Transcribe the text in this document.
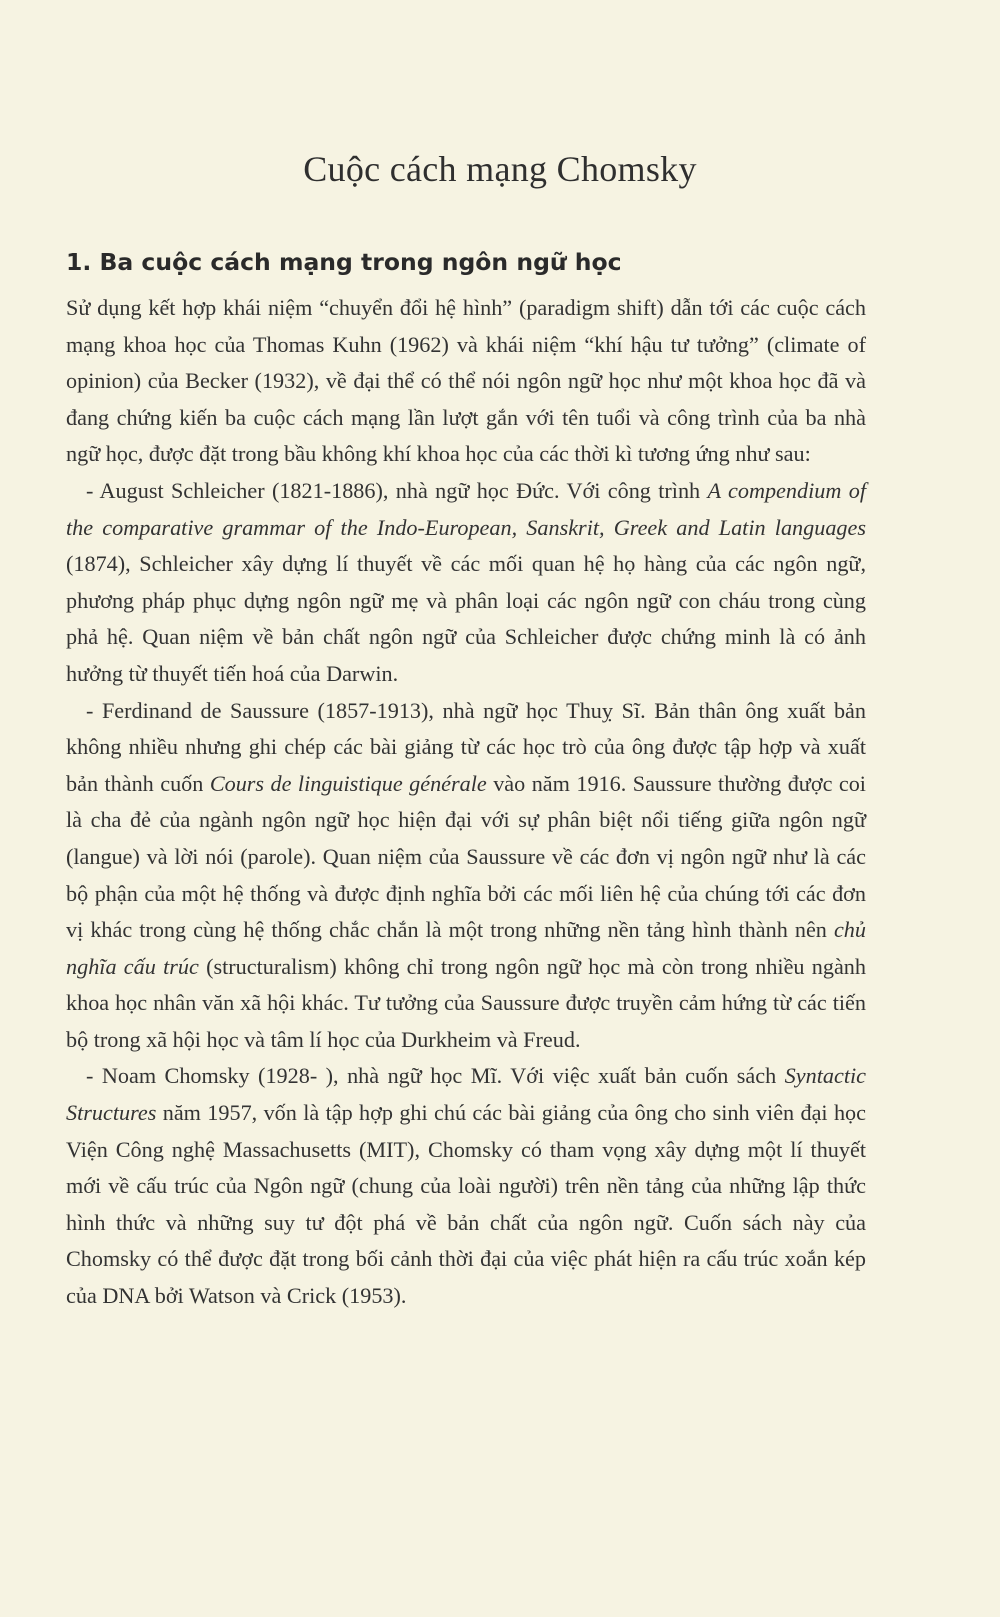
Cuộc cách mạng Chomsky
1. Ba cuộc cách mạng trong ngôn ngữ học

Sử dụng kết hợp khái niệm “chuyển đổi hệ hình” (paradigm shift) dẫn tới các cuộc cách mạng khoa học của Thomas Kuhn (1962) và khái niệm “khí hậu tư tưởng” (climate of opinion) của Becker (1932), về đại thể có thể nói ngôn ngữ học như một khoa học đã và đang chứng kiến ba cuộc cách mạng lần lượt gắn với tên tuổi và công trình của ba nhà ngữ học, được đặt trong bầu không khí khoa học của các thời kì tương ứng như sau:

- August Schleicher (1821-1886), nhà ngữ học Đức. Với công trình A compendium of the comparative grammar of the Indo-European, Sanskrit, Greek and Latin languages (1874), Schleicher xây dựng lí thuyết về các mối quan hệ họ hàng của các ngôn ngữ, phương pháp phục dựng ngôn ngữ mẹ và phân loại các ngôn ngữ con cháu trong cùng phả hệ. Quan niệm về bản chất ngôn ngữ của Schleicher được chứng minh là có ảnh hưởng từ thuyết tiến hoá của Darwin.

- Ferdinand de Saussure (1857-1913), nhà ngữ học Thuỵ Sĩ. Bản thân ông xuất bản không nhiều nhưng ghi chép các bài giảng từ các học trò của ông được tập hợp và xuất bản thành cuốn Cours de linguistique générale vào năm 1916. Saussure thường được coi là cha đẻ của ngành ngôn ngữ học hiện đại với sự phân biệt nổi tiếng giữa ngôn ngữ (langue) và lời nói (parole). Quan niệm của Saussure về các đơn vị ngôn ngữ như là các bộ phận của một hệ thống và được định nghĩa bởi các mối liên hệ của chúng tới các đơn vị khác trong cùng hệ thống chắc chắn là một trong những nền tảng hình thành nên chủ nghĩa cấu trúc (structuralism) không chỉ trong ngôn ngữ học mà còn trong nhiều ngành khoa học nhân văn xã hội khác. Tư tưởng của Saussure được truyền cảm hứng từ các tiến bộ trong xã hội học và tâm lí học của Durkheim và Freud.

- Noam Chomsky (1928- ), nhà ngữ học Mĩ. Với việc xuất bản cuốn sách Syntactic Structures năm 1957, vốn là tập hợp ghi chú các bài giảng của ông cho sinh viên đại học Viện Công nghệ Massachusetts (MIT), Chomsky có tham vọng xây dựng một lí thuyết mới về cấu trúc của Ngôn ngữ (chung của loài người) trên nền tảng của những lập thức hình thức và những suy tư đột phá về bản chất của ngôn ngữ. Cuốn sách này của Chomsky có thể được đặt trong bối cảnh thời đại của việc phát hiện ra cấu trúc xoắn kép của DNA bởi Watson và Crick (1953).
